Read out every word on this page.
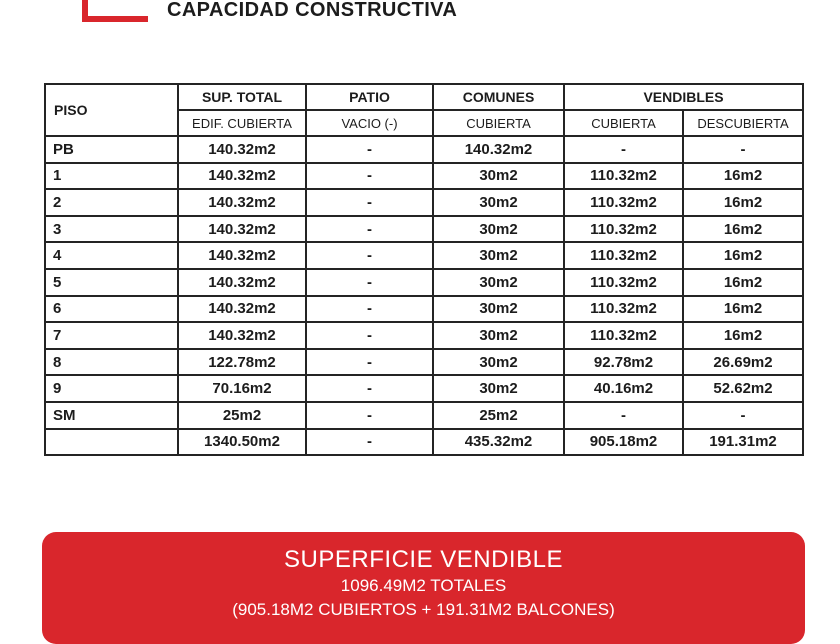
CAPACIDAD CONSTRUCTIVA
PISO	SUP. TOTAL	PATIO	COMUNES	VENDIBLES	
	EDIF. CUBIERTA	VACIO (-)	CUBIERTA	CUBIERTA	DESCUBIERTA
PB	140.32m2	-	140.32m2	-	-
1	140.32m2	-	30m2	110.32m2	16m2
2	140.32m2	-	30m2	110.32m2	16m2
3	140.32m2	-	30m2	110.32m2	16m2
4	140.32m2	-	30m2	110.32m2	16m2
5	140.32m2	-	30m2	110.32m2	16m2
6	140.32m2	-	30m2	110.32m2	16m2
7	140.32m2	-	30m2	110.32m2	16m2
8	122.78m2	-	30m2	92.78m2	26.69m2
9	70.16m2	-	30m2	40.16m2	52.62m2
SM	25m2	-	25m2	-	-
	1340.50m2	-	435.32m2	905.18m2	191.31m2

SUPERFICIE VENDIBLE

1096.49M2 TOTALES

(905.18M2 CUBIERTOS + 191.31M2 BALCONES)
